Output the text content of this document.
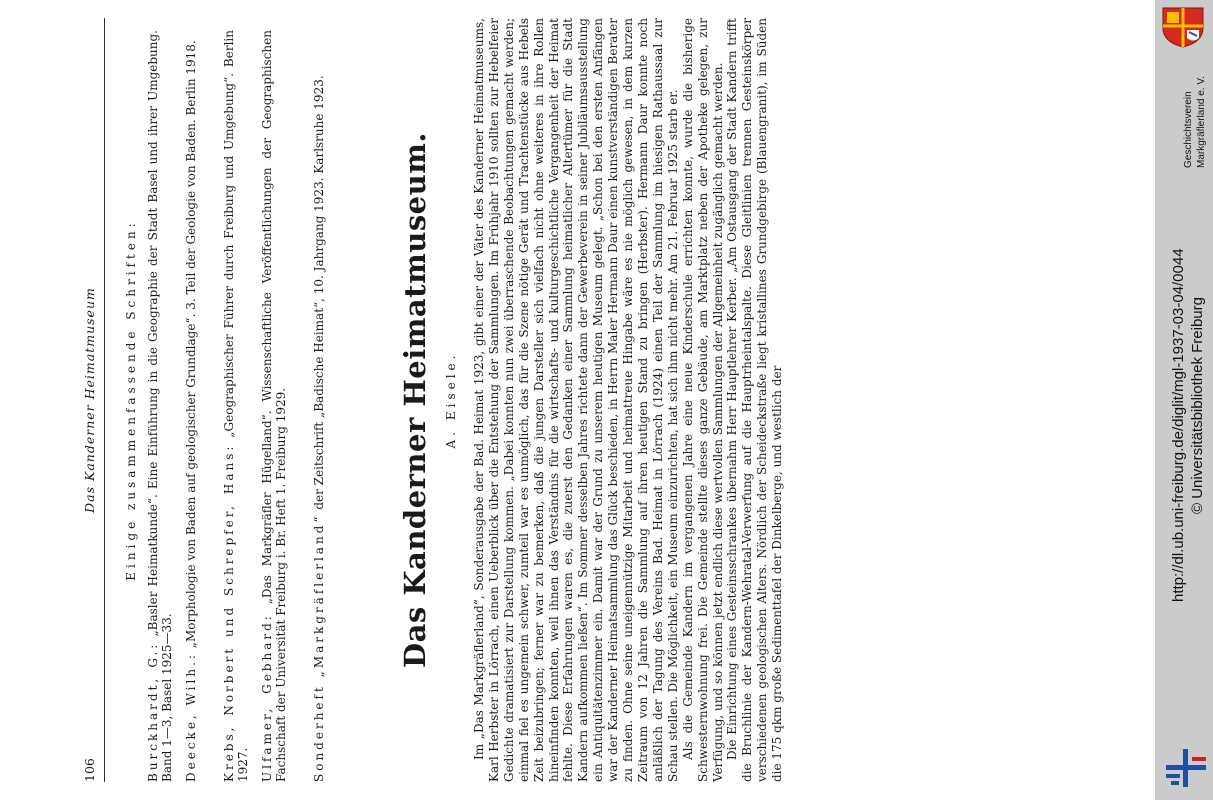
106
Das Kanderner Heimatmuseum Einige zusammenfassende Schriften:
Burckhardt, G.: „Basler Heimatkunde“. Eine Einführung in die Geographie der Stadt Basel und ihrer Umgebung. Band 1—3, Basel 1925—33. Deecke, Wilh.: „Morphologie von Baden auf geologischer Grundlage“. 3. Teil der Geologie von Baden. Berlin 1918. Krebs, Norbert und Schrepfer, Hans: „Geographischer Führer durch Freiburg und Umgebung“. Berlin 1927. Ulfamer, Gebhard: „Das Markgräfler Hügelland“. Wissenschaftliche Veröffentlichungen der Geographischen Fachschaft der Universität Freiburg i. Br. Heft 1. Freiburg 1929. Sonderheft „Markgräflerland“ der Zeitschrift „Badische Heimat“, 10. Jahrgang 1923. Karlsruhe 1923. Das Kanderner Heimatmuseum. A. Eisele. Im „Das Markgräflerland“, Sonderausgabe der Bad. Heimat 1923, gibt einer der Väter des Kanderner Heimatmuseums, Karl Herbster in Lörrach, einen Ueberblick über die Entstehung der Sammlungen. Im Frühjahr 1910 sollten zur Hebelfeier Gedichte dramatisiert zur Darstellung kommen. „Dabei konnten nun zwei überraschende Beobachtungen gemacht werden; einmal fiel es ungemein schwer, zumteil war es unmöglich, das für die Szene nötige Gerät und Trachtenstücke aus Hebels Zeit beizubringen; ferner war zu bemerken, daß die jungen Darsteller sich vielfach nicht ohne weiteres in ihre Rollen hineinfinden konnten, weil ihnen das Verständnis für die wirtschafts- und kulturgeschichtliche Vergangenheit der Heimat fehlte. Diese Erfahrungen waren es, die zuerst den Gedanken einer Sammlung heimatlicher Altertümer für die Stadt Kandern aufkommen ließen“. Im Sommer desselben Jahres richtete dann der Gewerbeverein in seiner Jubiläumsausstellung ein Antiquitätenzimmer ein. Damit war der Grund zu unserem heutigen Museum gelegt. „Schon bei den ersten Anfängen war der Kanderner Heimatsammlung das Glück beschieden, in Herrn Maler Hermann Daur einen kunstverständigen Berater zu finden. Ohne seine uneigennützige Mitarbeit und heimattreue Hingabe wäre es nie möglich gewesen, in dem kurzen Zeitraum von 12 Jahren die Sammlung auf ihren heutigen Stand zu bringen (Herbster). Hermann Daur konnte noch anläßlich der Tagung des Vereins Bad. Heimat in Lörrach (1924) einen Teil der Sammlung im hiesigen Rathaussaal zur Schau stellen. Die Möglichkeit, ein Museum einzurichten, hat sich ihm nicht mehr. Am 21. Februar 1925 starb er. Als die Gemeinde Kandern im vergangenen Jahre eine neue Kinderschule errichten konnte, wurde die bisherige Schwesternwohnung frei. Die Gemeinde stellte dieses ganze Gebäude, am Marktplatz neben der Apotheke gelegen, zur Verfügung, und so können jetzt endlich diese wertvollen Sammlungen der Allgemeinheit zugänglich gemacht werden. Die Einrichtung eines Gesteinsschrankes übernahm Herr Hauptlehrer Kerber. „Am Ostausgang der Stadt Kandern trifft die Bruchlinie der Kandern-Wehratal-Verwerfung auf die Hauptrheintalspalte. Diese Gleitlinien trennen Gesteinskörper verschiedenen geologischen Alters. Nördlich der Scheideckstraße liegt kristallines Grundgebirge (Blauengranit), im Süden die 175 qkm große Sedimenttafel der Dinkelberge, und westlich der

Geschichtsverein Markgräflerland e. V.
http://dl.ub.uni-freiburg.de/diglit/mgl-1937-03-04/0044 © Universitätsbibliothek Freiburg
